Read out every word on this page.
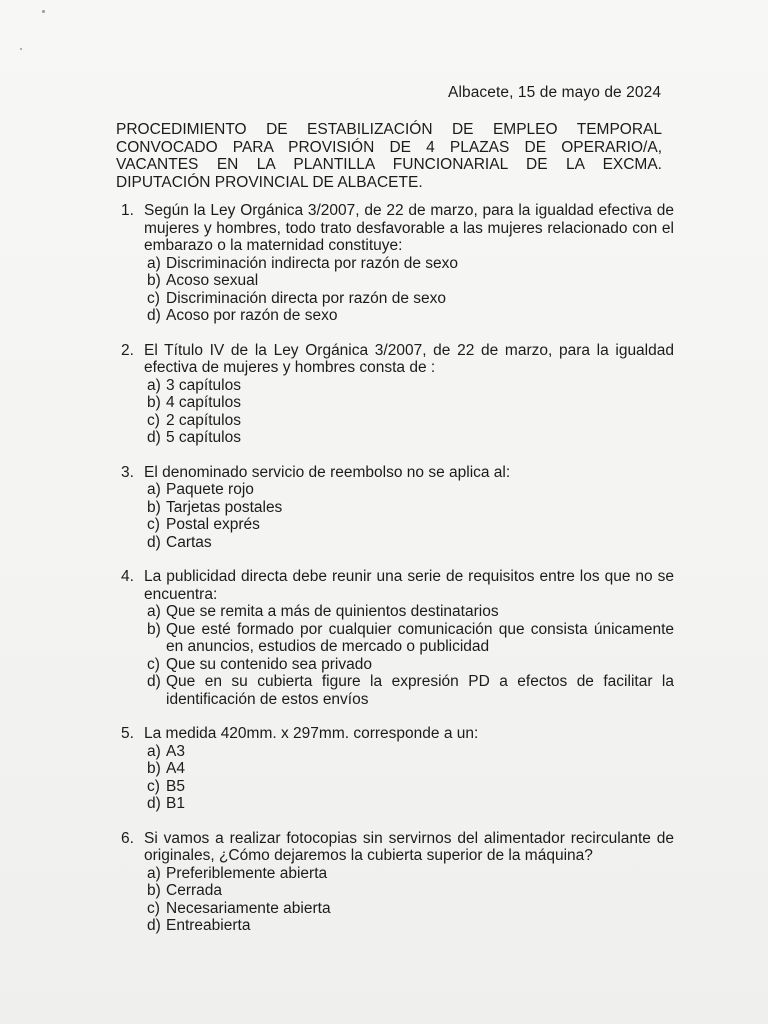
Albacete, 15 de mayo de 2024
PROCEDIMIENTO DE ESTABILIZACIÓN DE EMPLEO TEMPORAL
CONVOCADO PARA PROVISIÓN DE 4 PLAZAS DE OPERARIO/A,
VACANTES EN LA PLANTILLA FUNCIONARIAL DE LA EXCMA.
DIPUTACIÓN PROVINCIAL DE ALBACETE.
1. Según la Ley Orgánica 3/2007, de 22 de marzo, para la igualdad efectiva de mujeres y hombres, todo trato desfavorable a las mujeres relacionado con el embarazo o la maternidad constituye:
a) Discriminación indirecta por razón de sexo
b) Acoso sexual
c) Discriminación directa por razón de sexo
d) Acoso por razón de sexo
2. El Título IV de la Ley Orgánica 3/2007, de 22 de marzo, para la igualdad efectiva de mujeres y hombres consta de :
a) 3 capítulos
b) 4 capítulos
c) 2 capítulos
d) 5 capítulos
3. El denominado servicio de reembolso no se aplica al:
a) Paquete rojo
b) Tarjetas postales
c) Postal exprés
d) Cartas
4. La publicidad directa debe reunir una serie de requisitos entre los que no se encuentra:
a) Que se remita a más de quinientos destinatarios
b) Que esté formado por cualquier comunicación que consista únicamente en anuncios, estudios de mercado o publicidad
c) Que su contenido sea privado
d) Que en su cubierta figure la expresión PD a efectos de facilitar la identificación de estos envíos
5. La medida 420mm. x 297mm. corresponde a un:
a) A3
b) A4
c) B5
d) B1
6. Si vamos a realizar fotocopias sin servirnos del alimentador recirculante de originales, ¿Cómo dejaremos la cubierta superior de la máquina?
a) Preferiblemente abierta
b) Cerrada
c) Necesariamente abierta
d) Entreabierta
